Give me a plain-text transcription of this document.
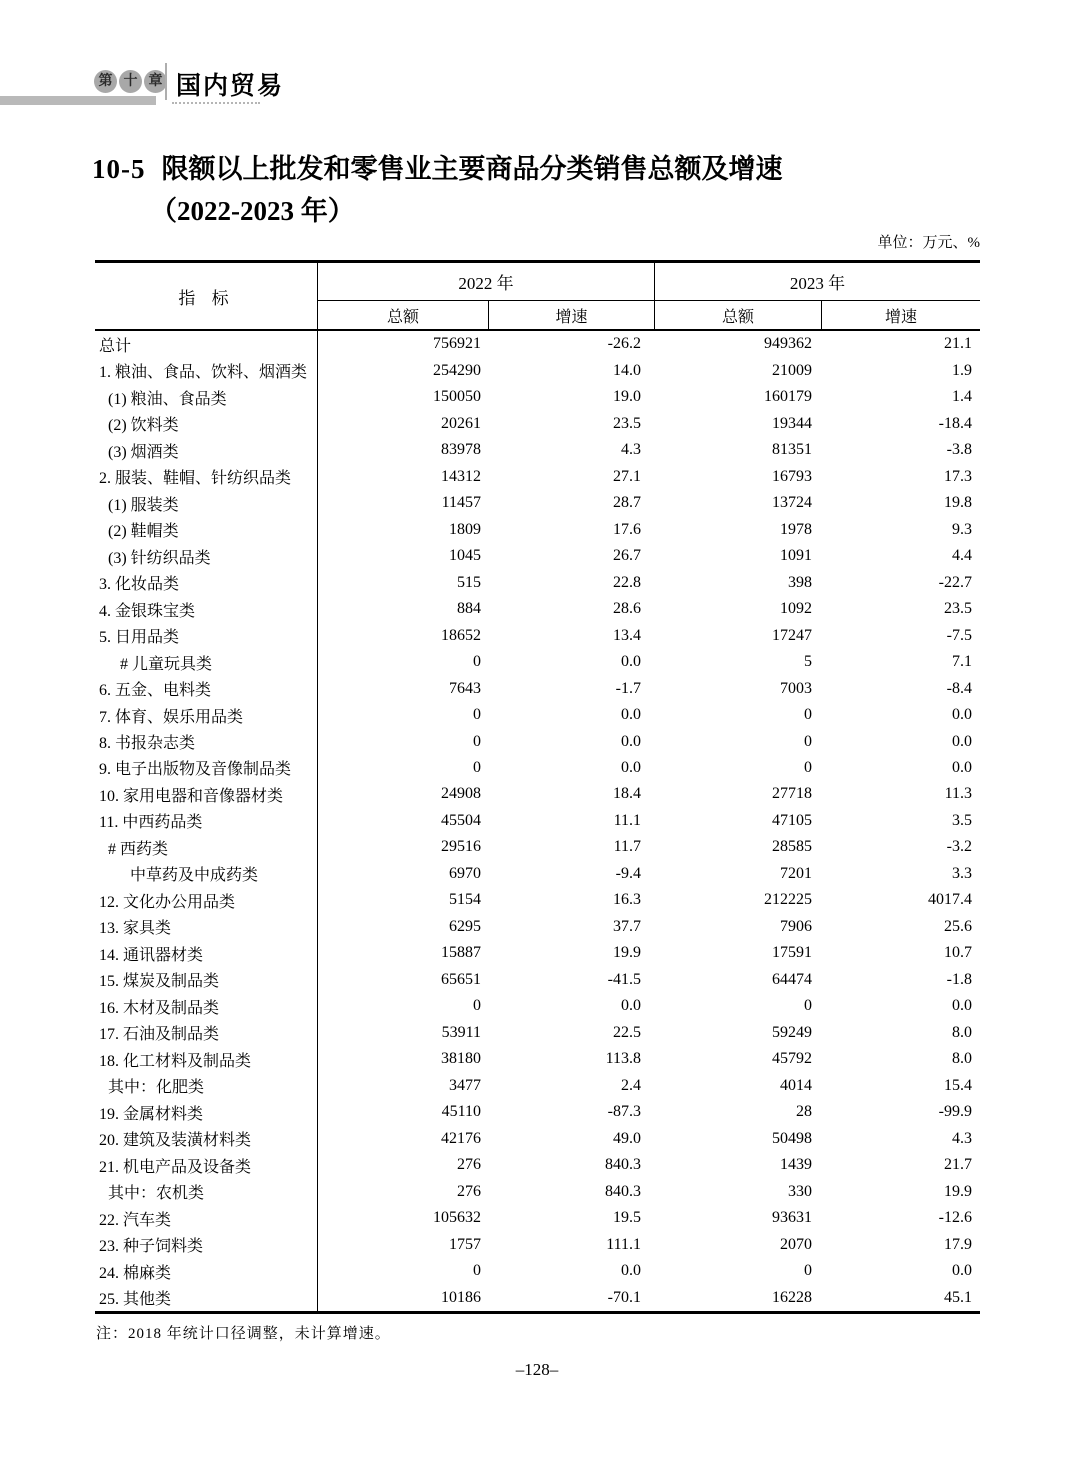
第 十 章 国内贸易
10-5 限额以上批发和零售业主要商品分类销售总额及增速
（2022-2023 年）
单位：万元、%
2022 年	2023 年
总额	增速	总额	增速
指 标
总计	756921	-26.2	949362	21.1
1. 粮油、食品、饮料、烟酒类	254290	14.0	21009	1.9
(1) 粮油、食品类	150050	19.0	160179	1.4
(2) 饮料类	20261	23.5	19344	-18.4
(3) 烟酒类	83978	4.3	81351	-3.8
2. 服装、鞋帽、针纺织品类	14312	27.1	16793	17.3
(1) 服装类	11457	28.7	13724	19.8
(2) 鞋帽类	1809	17.6	1978	9.3
(3) 针纺织品类	1045	26.7	1091	4.4
3. 化妆品类	515	22.8	398	-22.7
4. 金银珠宝类	884	28.6	1092	23.5
5. 日用品类	18652	13.4	17247	-7.5
# 儿童玩具类	0	0.0	5	7.1
6. 五金、电料类	7643	-1.7	7003	-8.4
7. 体育、娱乐用品类	0	0.0	0	0.0
8. 书报杂志类	0	0.0	0	0.0
9. 电子出版物及音像制品类	0	0.0	0	0.0
10. 家用电器和音像器材类	24908	18.4	27718	11.3
11. 中西药品类	45504	11.1	47105	3.5
# 西药类	29516	11.7	28585	-3.2
中草药及中成药类	6970	-9.4	7201	3.3
12. 文化办公用品类	5154	16.3	212225	4017.4
13. 家具类	6295	37.7	7906	25.6
14. 通讯器材类	15887	19.9	17591	10.7
15. 煤炭及制品类	65651	-41.5	64474	-1.8
16. 木材及制品类	0	0.0	0	0.0
17. 石油及制品类	53911	22.5	59249	8.0
18. 化工材料及制品类	38180	113.8	45792	8.0
其中：化肥类	3477	2.4	4014	15.4
19. 金属材料类	45110	-87.3	28	-99.9
20. 建筑及装潢材料类	42176	49.0	50498	4.3
21. 机电产品及设备类	276	840.3	1439	21.7
其中：农机类	276	840.3	330	19.9
22. 汽车类	105632	19.5	93631	-12.6
23. 种子饲料类	1757	111.1	2070	17.9
24. 棉麻类	0	0.0	0	0.0
25. 其他类	10186	-70.1	16228	45.1
注：2018 年统计口径调整，未计算增速。
–128–
